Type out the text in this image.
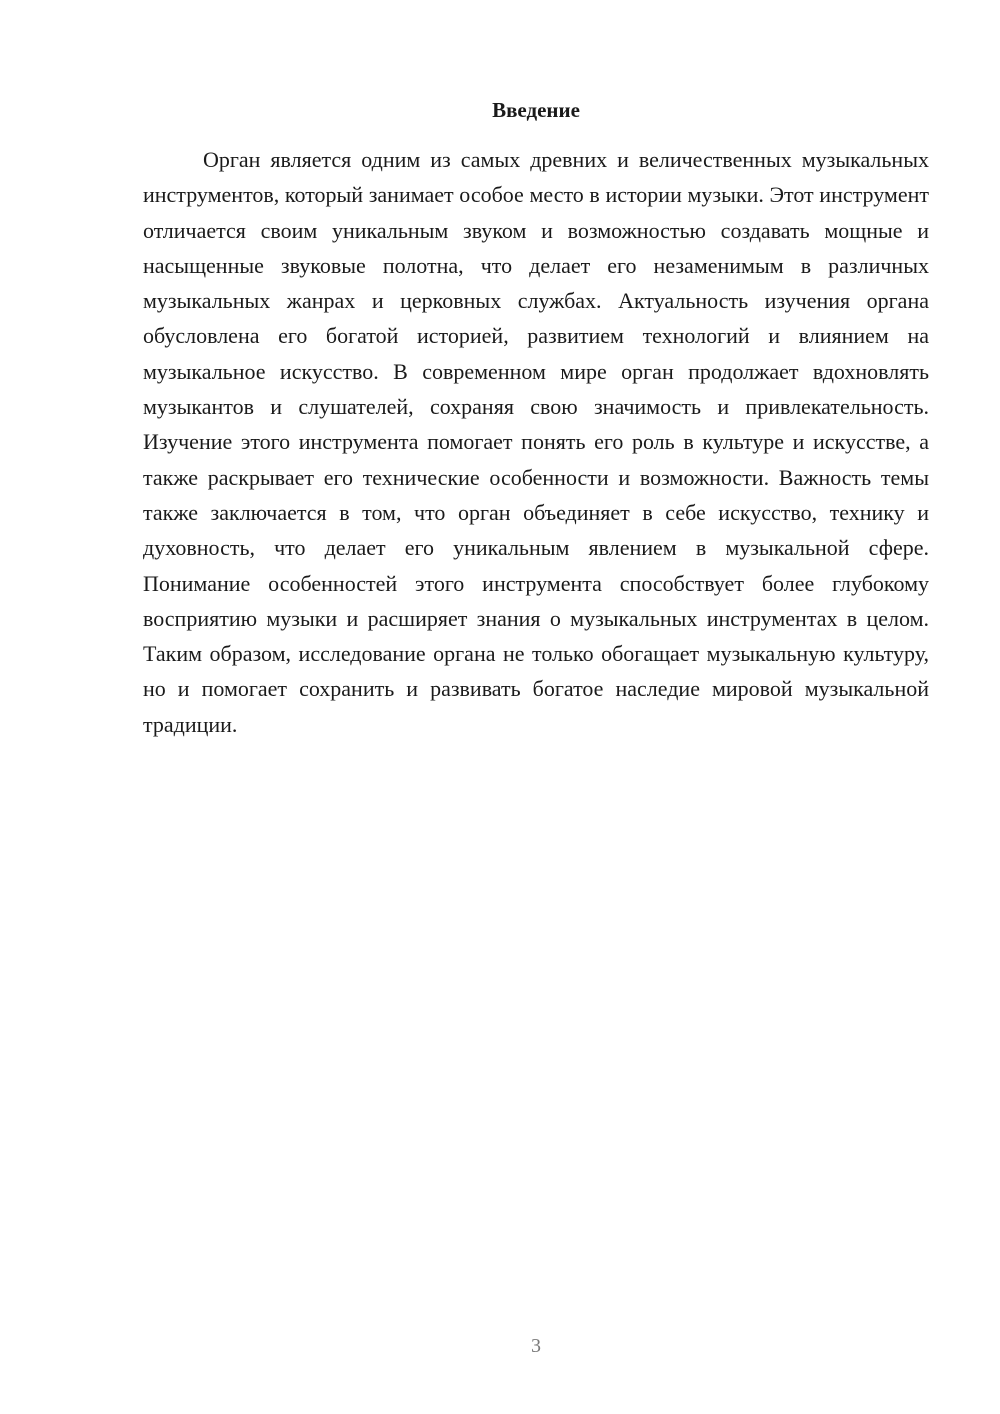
Введение

Орган является одним из самых древних и величественных музыкальных инструментов, который занимает особое место в истории музыки. Этот инструмент отличается своим уникальным звуком и возможностью создавать мощные и насыщенные звуковые полотна, что делает его незаменимым в различных музыкальных жанрах и церковных службах. Актуальность изучения органа обусловлена его богатой историей, развитием технологий и влиянием на музыкальное искусство. В современном мире орган продолжает вдохновлять музыкантов и слушателей, сохраняя свою значимость и привлекательность. Изучение этого инструмента помогает понять его роль в культуре и искусстве, а также раскрывает его технические особенности и возможности. Важность темы также заключается в том, что орган объединяет в себе искусство, технику и духовность, что делает его уникальным явлением в музыкальной сфере. Понимание особенностей этого инструмента способствует более глубокому восприятию музыки и расширяет знания о музыкальных инструментах в целом. Таким образом, исследование органа не только обогащает музыкальную культуру, но и помогает сохранить и развивать богатое наследие мировой музыкальной традиции.

3
